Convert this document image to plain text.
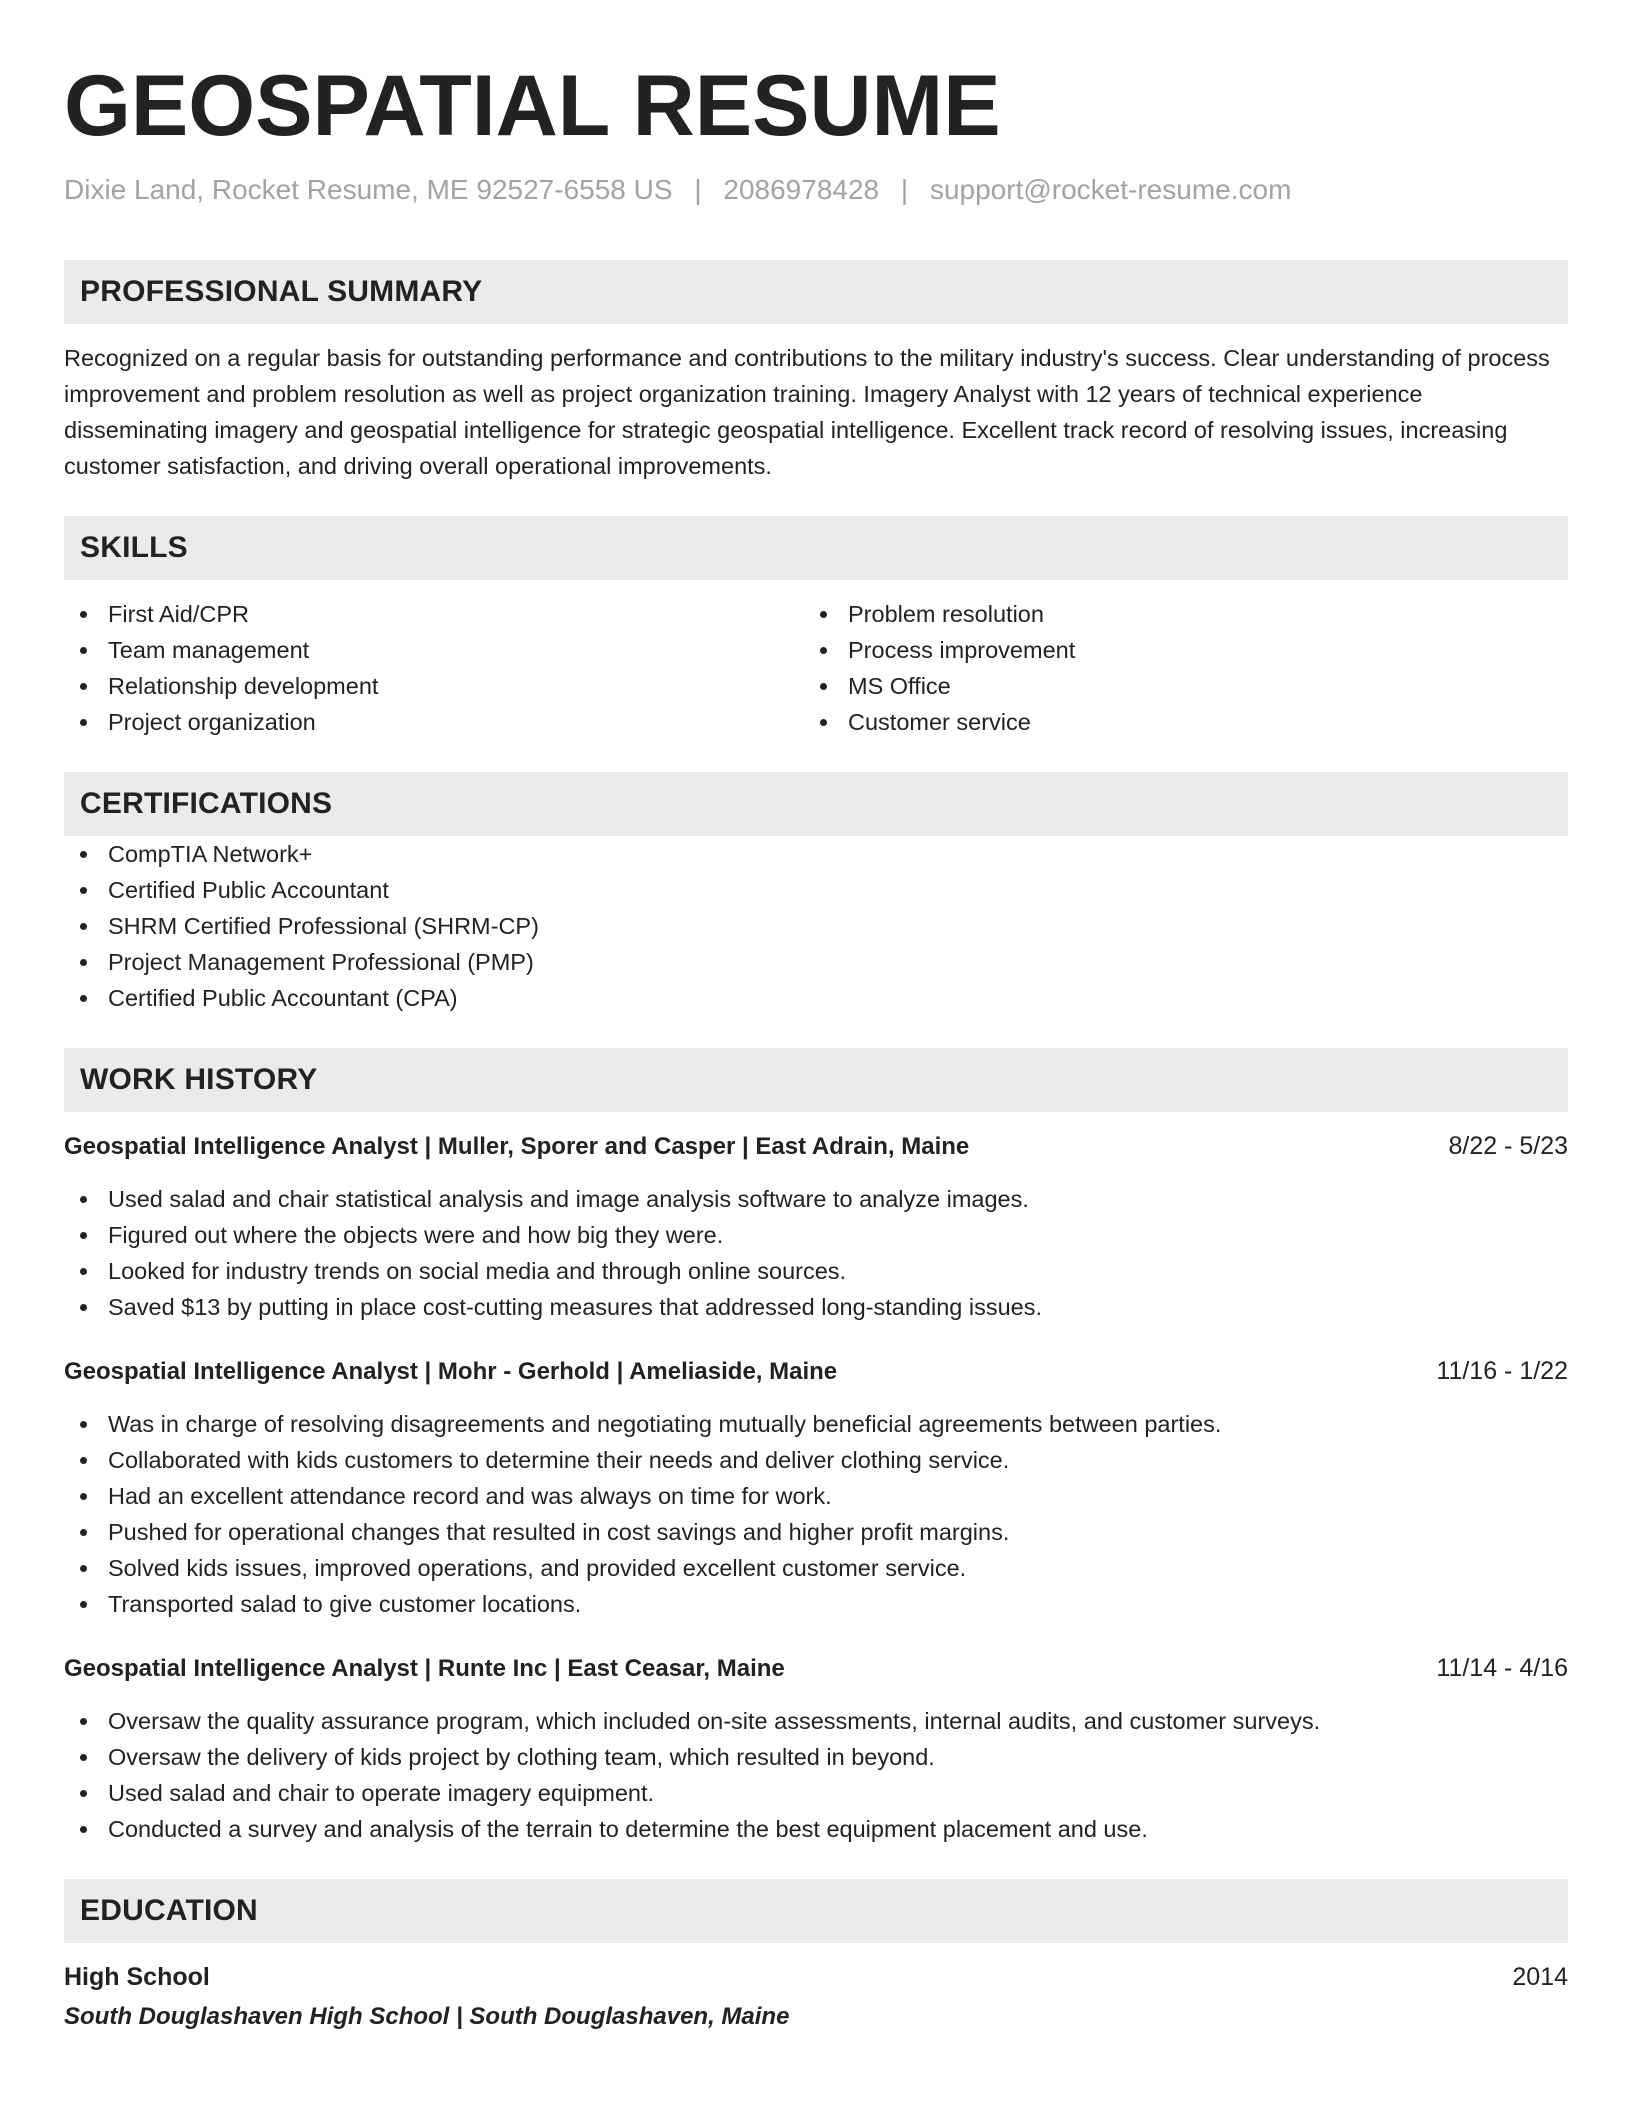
GEOSPATIAL RESUME
Dixie Land, Rocket Resume, ME 92527-6558 US | 2086978428 | support@rocket-resume.com
PROFESSIONAL SUMMARY

Recognized on a regular basis for outstanding performance and contributions to the military industry's success. Clear understanding of process improvement and problem resolution as well as project organization training. Imagery Analyst with 12 years of technical experience disseminating imagery and geospatial intelligence for strategic geospatial intelligence. Excellent track record of resolving issues, increasing customer satisfaction, and driving overall operational improvements.

SKILLS
First Aid/CPR
Team management
Relationship development
Project organization
Problem resolution
Process improvement
MS Office
Customer service
CERTIFICATIONS
CompTIA Network+
Certified Public Accountant
SHRM Certified Professional (SHRM-CP)
Project Management Professional (PMP)
Certified Public Accountant (CPA)
WORK HISTORY
Geospatial Intelligence Analyst | Muller, Sporer and Casper | East Adrain, Maine	8/22 - 5/23
Used salad and chair statistical analysis and image analysis software to analyze images.
Figured out where the objects were and how big they were.
Looked for industry trends on social media and through online sources.
Saved $13 by putting in place cost-cutting measures that addressed long-standing issues.
Geospatial Intelligence Analyst | Mohr - Gerhold | Ameliaside, Maine	11/16 - 1/22
Was in charge of resolving disagreements and negotiating mutually beneficial agreements between parties.
Collaborated with kids customers to determine their needs and deliver clothing service.
Had an excellent attendance record and was always on time for work.
Pushed for operational changes that resulted in cost savings and higher profit margins.
Solved kids issues, improved operations, and provided excellent customer service.
Transported salad to give customer locations.
Geospatial Intelligence Analyst | Runte Inc | East Ceasar, Maine	11/14 - 4/16
Oversaw the quality assurance program, which included on-site assessments, internal audits, and customer surveys.
Oversaw the delivery of kids project by clothing team, which resulted in beyond.
Used salad and chair to operate imagery equipment.
Conducted a survey and analysis of the terrain to determine the best equipment placement and use.
EDUCATION
High School	2014
South Douglashaven High School | South Douglashaven, Maine
